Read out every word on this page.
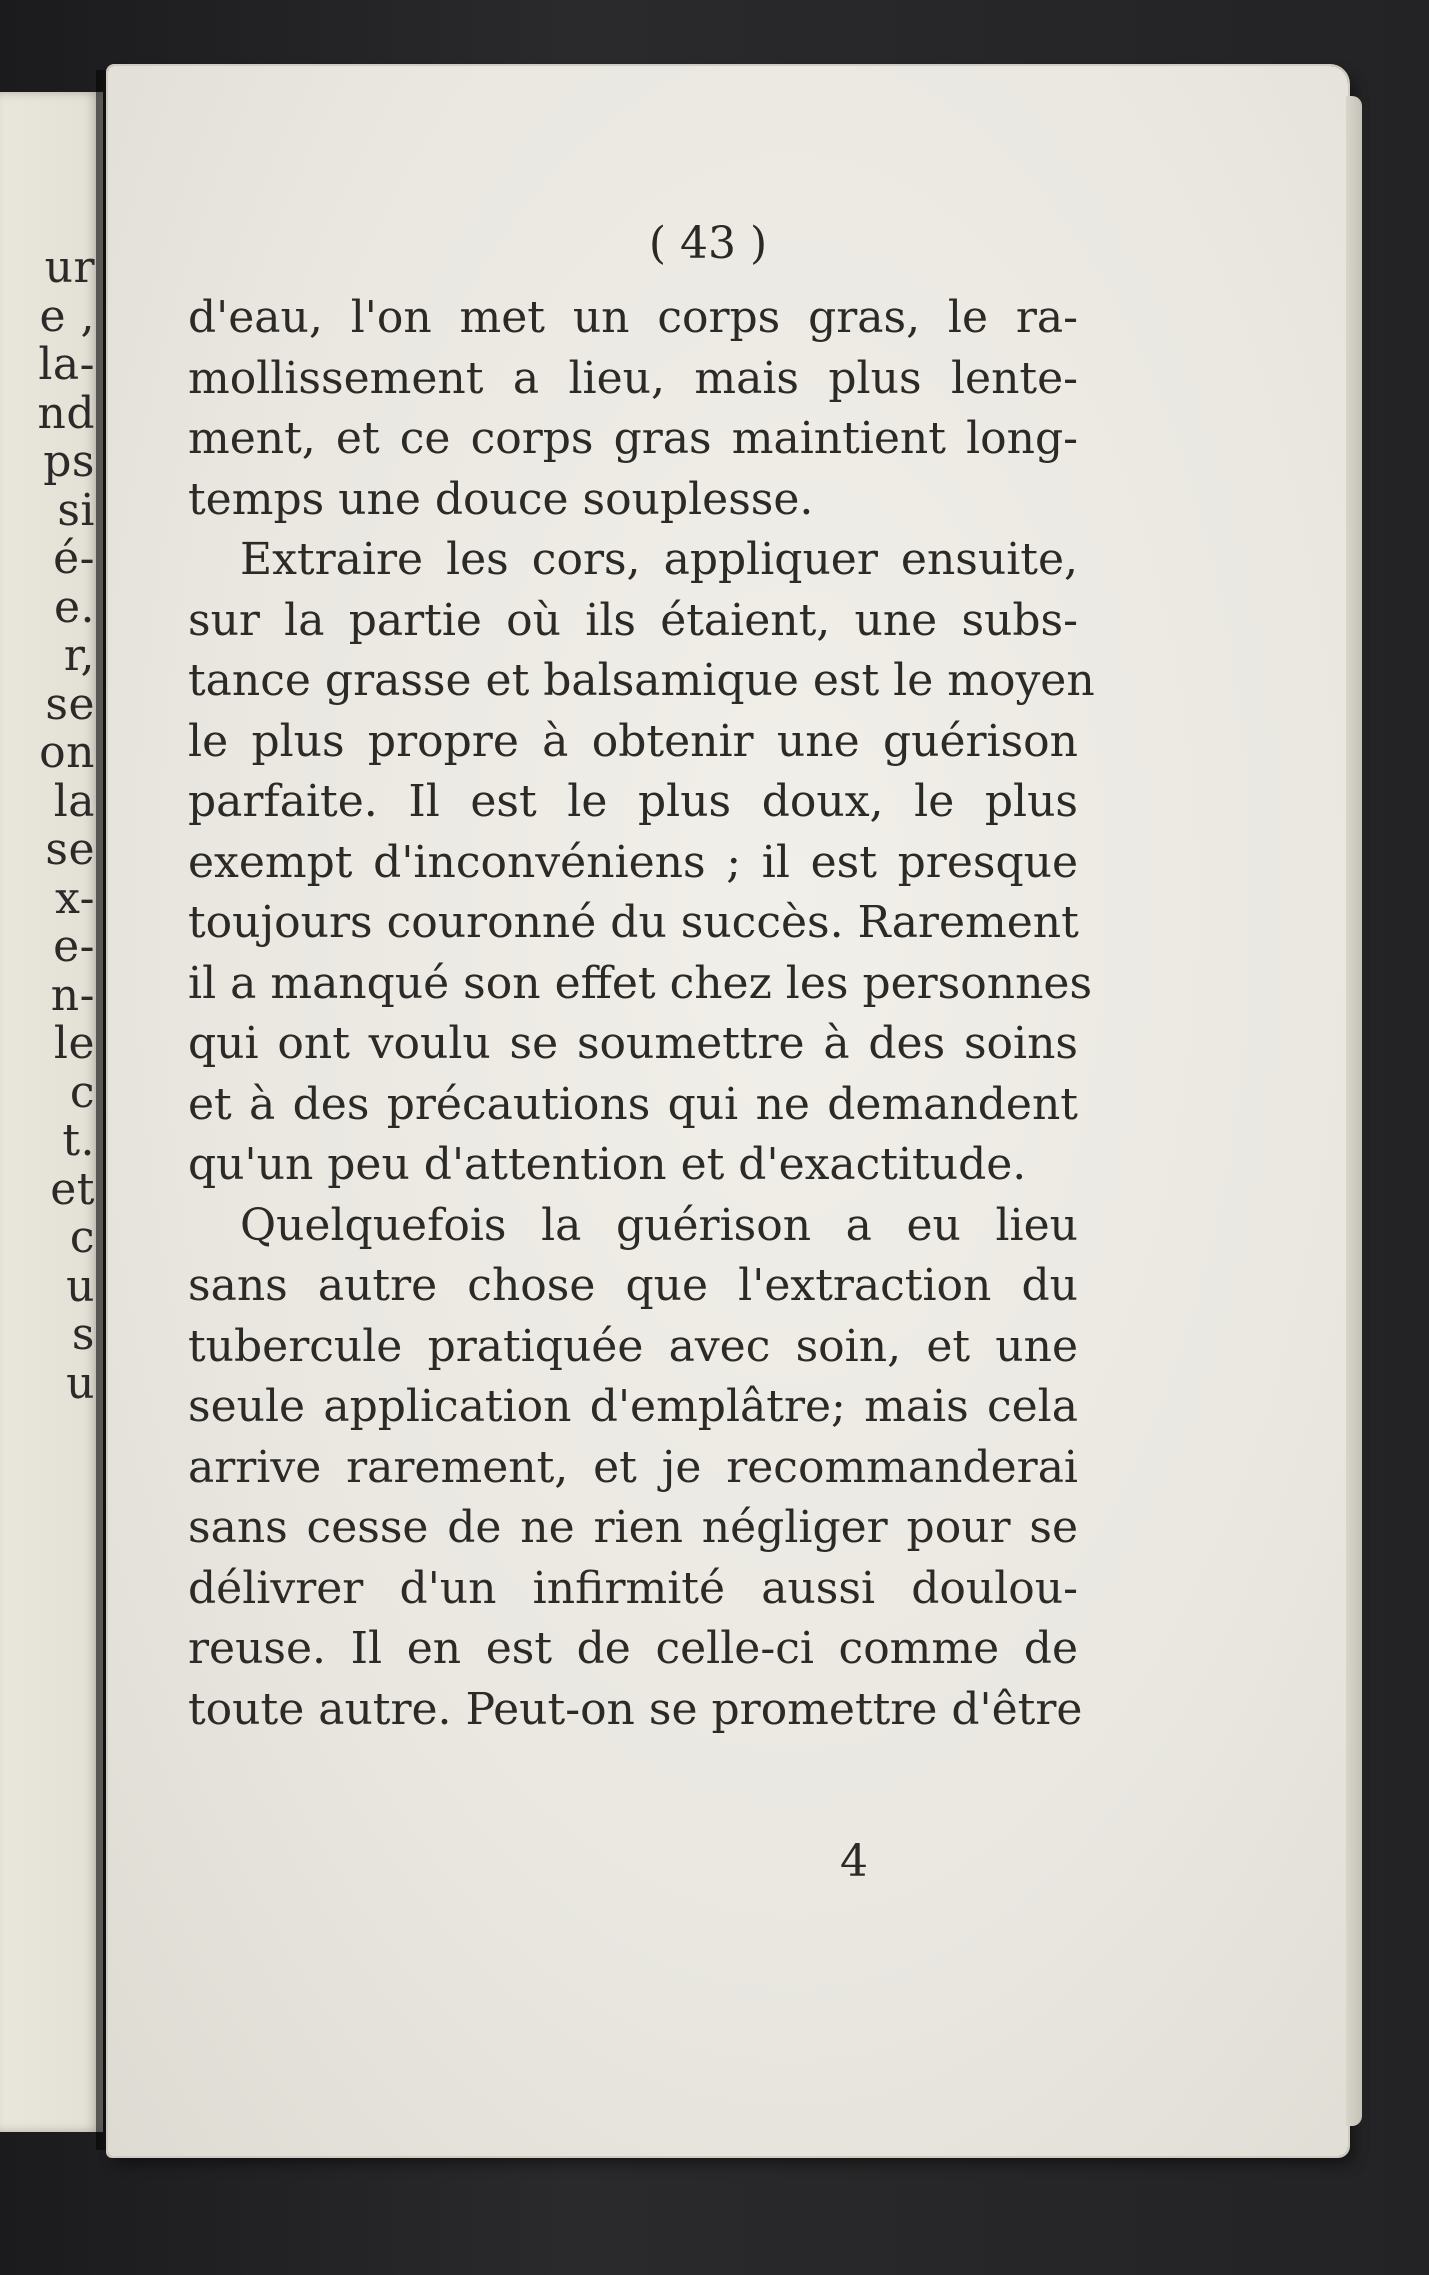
ur
e ,
la-
nd
ps
si
é-
e.
r,
se
on
la
se
x-
e-
n-
le
c
t.
et
c
u
s
u
( 43 )
d'eau, l'on met un corps gras, le ra-
mollissement a lieu, mais plus lente-
ment, et ce corps gras maintient long-
temps une douce souplesse.
Extraire les cors, appliquer ensuite,
sur la partie où ils étaient, une subs-
tance grasse et balsamique est le moyen
le plus propre à obtenir une guérison
parfaite. Il est le plus doux, le plus
exempt d'inconvéniens ; il est presque
toujours couronné du succès. Rarement
il a manqué son effet chez les personnes
qui ont voulu se soumettre à des soins
et à des précautions qui ne demandent
qu'un peu d'attention et d'exactitude.
Quelquefois la guérison a eu lieu
sans autre chose que l'extraction du
tubercule pratiquée avec soin, et une
seule application d'emplâtre; mais cela
arrive rarement, et je recommanderai
sans cesse de ne rien négliger pour se
délivrer d'un infirmité aussi doulou-
reuse. Il en est de celle-ci comme de
toute autre. Peut-on se promettre d'être
4
